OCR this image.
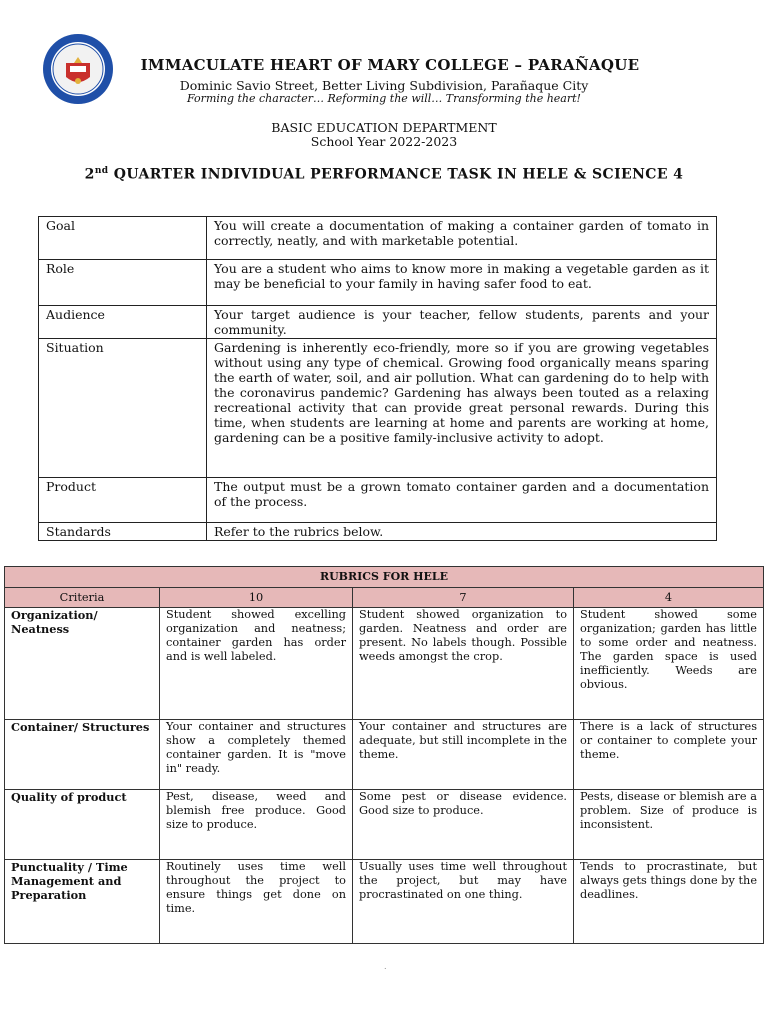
IMMACULATE HEART OF MARY COLLEGE – PARAÑAQUE
Dominic Savio Street, Better Living Subdivision, Parañaque City
Forming the character… Reforming the will… Transforming the heart!
BASIC EDUCATION DEPARTMENT
School Year 2022-2023
2nd QUARTER INDIVIDUAL PERFORMANCE TASK IN HELE & SCIENCE 4
Goal	You will create a documentation of making a container garden of tomato in correctly, neatly, and with marketable potential.
Role	You are a student who aims to know more in making a vegetable garden as it may be beneficial to your family in having safer food to eat.
Audience	Your target audience is your teacher, fellow students, parents and your community.
Situation	Gardening is inherently eco-friendly, more so if you are growing vegetables without using any type of chemical. Growing food organically means sparing the earth of water, soil, and air pollution. What can gardening do to help with the coronavirus pandemic? Gardening has always been touted as a relaxing recreational activity that can provide great personal rewards. During this time, when students are learning at home and parents are working at home, gardening can be a positive family-inclusive activity to adopt.
Product	The output must be a grown tomato container garden and a documentation of the process.
Standards	Refer to the rubrics below.
RUBRICS FOR HELE			
Criteria	10	7	4
Organization/ Neatness	Student showed excelling organization and neatness; container garden has order and is well labeled.	Student showed organization to garden. Neatness and order are present. No labels though. Possible weeds amongst the crop.	Student showed some organization; garden has little to some order and neatness. The garden space is used inefficiently. Weeds are obvious.
Container/ Structures	Your container and structures show a completely themed container garden. It is "move in" ready.	Your container and structures are adequate, but still incomplete in the theme.	There is a lack of structures or container to complete your theme.
Quality of product	Pest, disease, weed and blemish free produce. Good size to produce.	Some pest or disease evidence. Good size to produce.	Pests, disease or blemish are a problem. Size of produce is inconsistent.
Punctuality / Time Management and Preparation	Routinely uses time well throughout the project to ensure things get done on time.	Usually uses time well throughout the project, but may have procrastinated on one thing.	Tends to procrastinate, but always gets things done by the deadlines.
.
